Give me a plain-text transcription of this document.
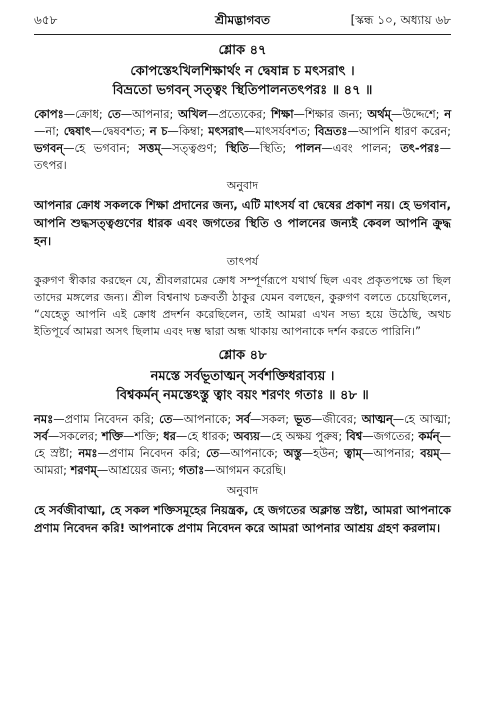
৬৫৮	শ্রীমদ্ভাগবত	[স্কন্ধ ১০, অধ্যায় ৬৮
শ্লোক ৪৭
কোপস্তেঽখিলশিক্ষার্থং ন দ্বেষান্ন চ মৎসরাৎ ।
বিভ্রতো ভগবন্ সত্ত্বং স্থিতিপালনতৎপরঃ ॥ ৪৭ ॥
কোপঃ—ক্রোধ; তে—আপনার; অখিল—প্রত্যেকের; শিক্ষা—শিক্ষার জন্য; অর্থম্—উদ্দেশে; ন—না; দ্বেষাৎ—দ্বেষবশত; ন চ—কিম্বা; মৎসরাৎ—মাৎসর্যবশত; বিভ্রতঃ—আপনি ধারণ করেন; ভগবন্—হে ভগবান; সত্তম্—সত্ত্বগুণ; স্থিতি—স্থিতি; পালন—এবং পালন; তৎ-পরঃ—তৎপর।
অনুবাদ
আপনার ক্রোধ সকলকে শিক্ষা প্রদানের জন্য, এটি মাৎসর্য বা দ্বেষের প্রকাশ নয়। হে ভগবান, আপনি শুদ্ধসত্ত্বগুণের ধারক এবং জগতের স্থিতি ও পালনের জন্যই কেবল আপনি ক্রুদ্ধ হন।
তাৎপর্য
কুরুগণ স্বীকার করছেন যে, শ্রীবলরামের ক্রোধ সম্পূর্ণরূপে যথার্থ ছিল এবং প্রকৃতপক্ষে তা ছিল তাদের মঙ্গলের জন্য। শ্রীল বিশ্বনাথ চক্রবর্তী ঠাকুর যেমন বলছেন, কুরুগণ বলতে চেয়েছিলেন, “যেহেতু আপনি এই ক্রোধ প্রদর্শন করেছিলেন, তাই আমরা এখন সভ্য হয়ে উঠেছি, অথচ ইতিপূর্বে আমরা অসৎ ছিলাম এবং দম্ভ দ্বারা অন্ধ থাকায় আপনাকে দর্শন করতে পারিনি।”
শ্লোক ৪৮
নমস্তে সর্বভূতাত্মন্ সর্বশক্তিধরাব্যয় ।
বিশ্বকর্মন্ নমস্তেঽস্তু ত্বাং বয়ং শরণং গতাঃ ॥ ৪৮ ॥
নমঃ—প্রণাম নিবেদন করি; তে—আপনাকে; সর্ব—সকল; ভূত—জীবের; আত্মন্—হে আত্মা; সর্ব—সকলের; শক্তি—শক্তি; ধর—হে ধারক; অব্যয়—হে অক্ষয় পুরুষ; বিশ্ব—জগতের; কর্মন্—হে স্রষ্টা; নমঃ—প্রণাম নিবেদন করি; তে—আপনাকে; অস্তু—হউন; ত্বাম্—আপনার; বয়ম্—আমরা; শরণম্—আশ্রয়ের জন্য; গতাঃ—আগমন করেছি।
অনুবাদ
হে সর্বজীবাত্মা, হে সকল শক্তিসমূহের নিয়ন্ত্রক, হে জগতের অক্লান্ত স্রষ্টা, আমরা আপনাকে প্রণাম নিবেদন করি! আপনাকে প্রণাম নিবেদন করে আমরা আপনার আশ্রয় গ্রহণ করলাম।
